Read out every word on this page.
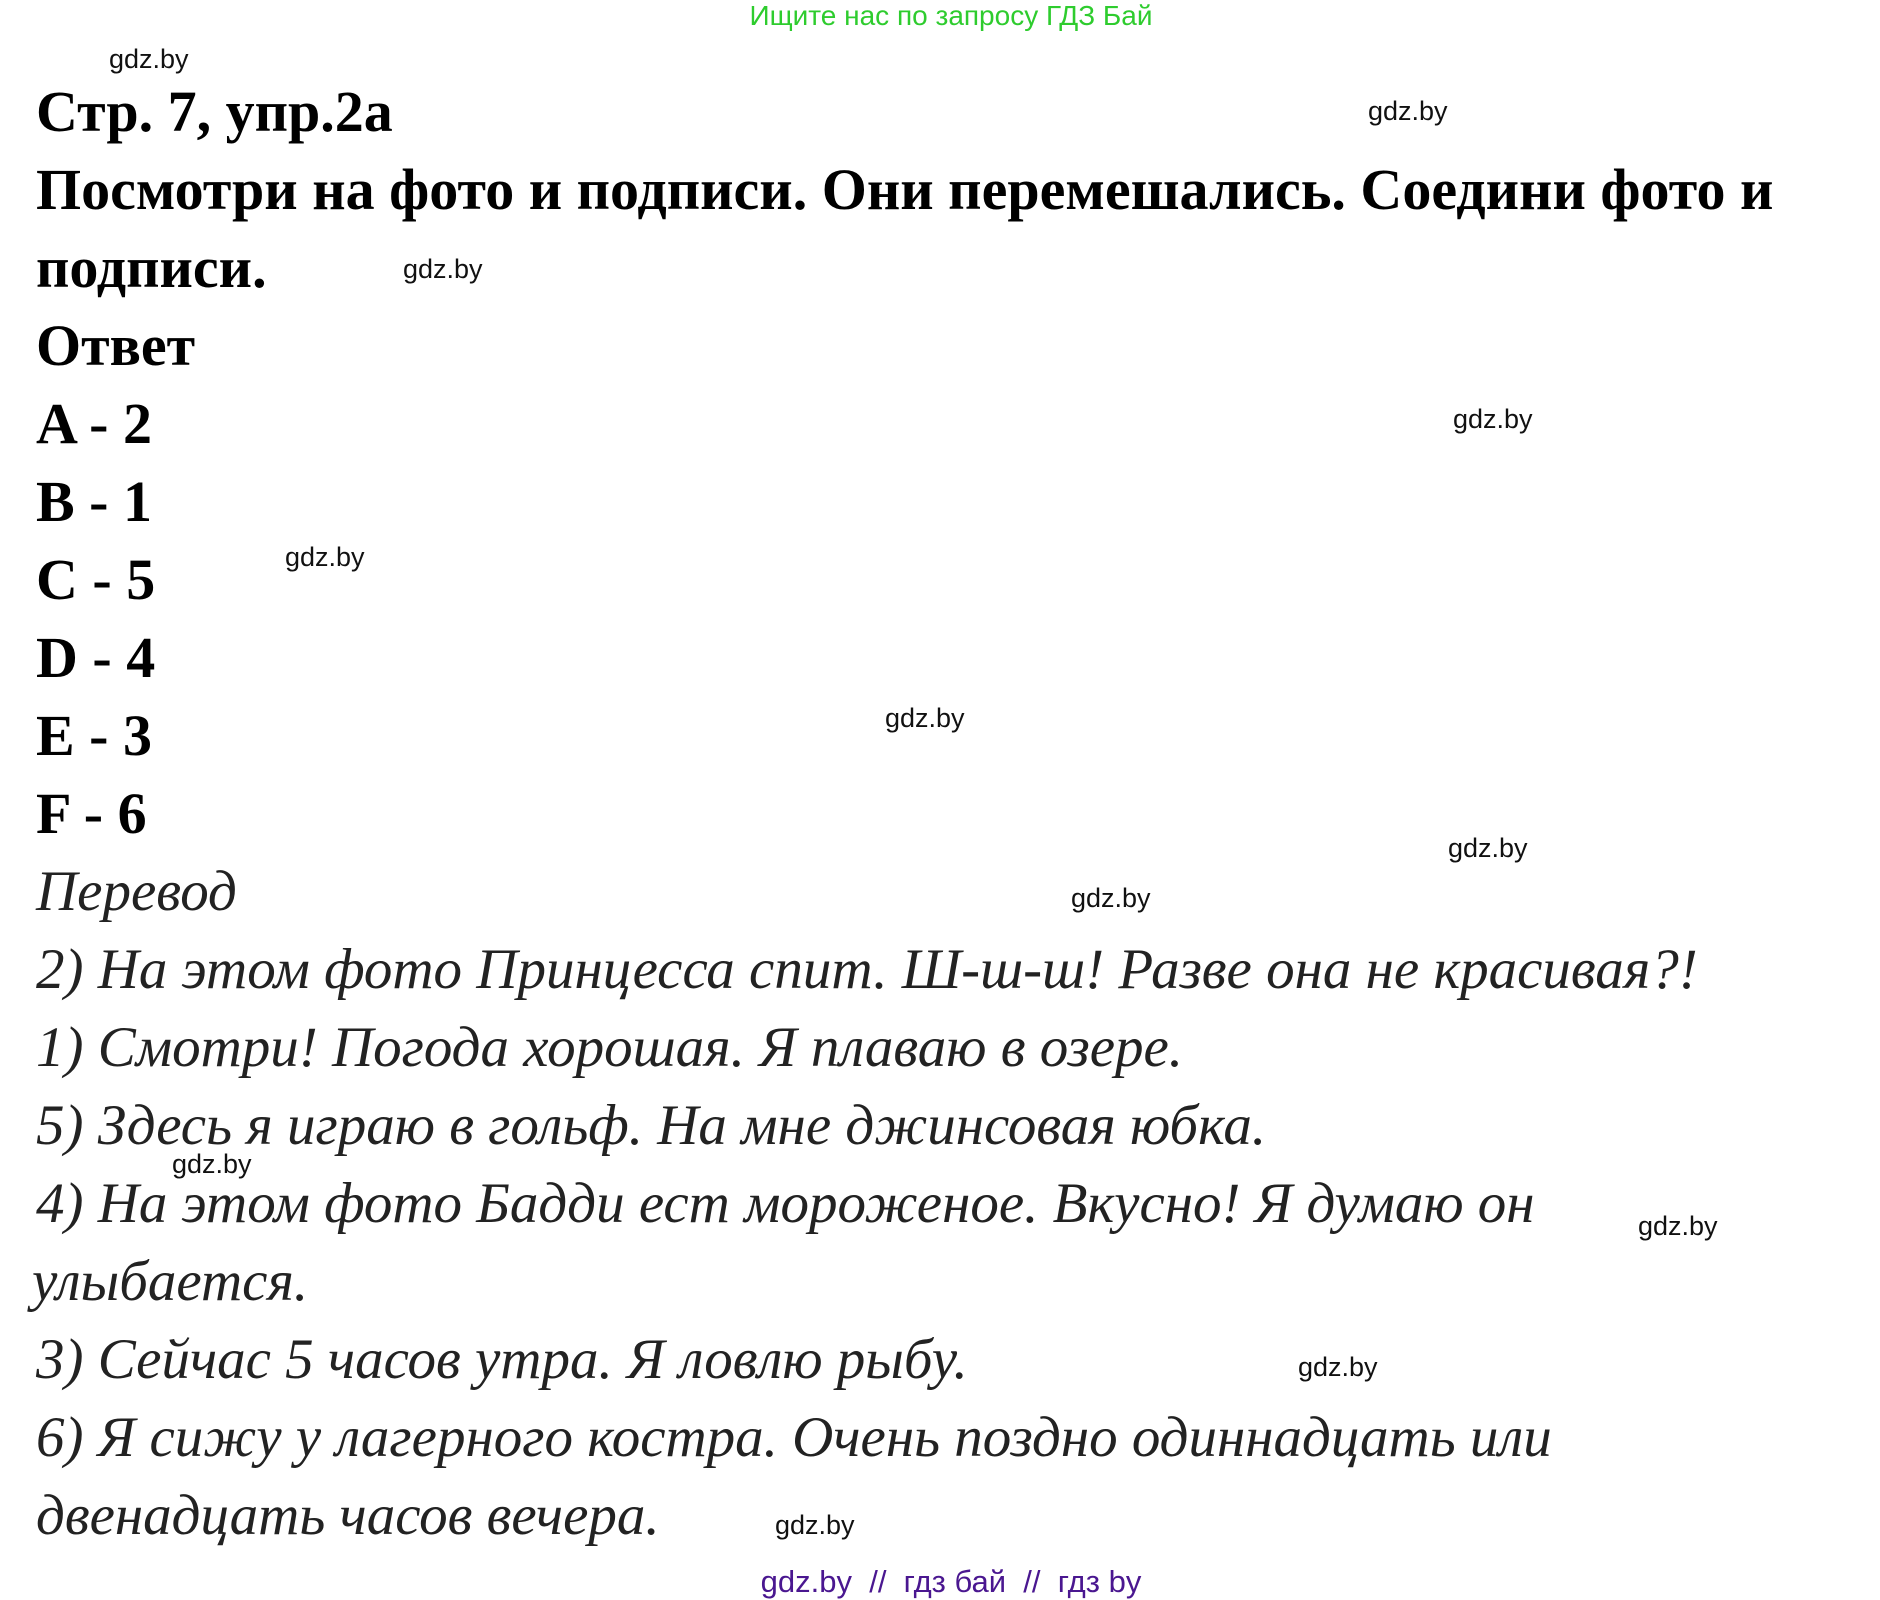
Ищите нас по запросу ГДЗ Бай
Стр. 7, упр.2a
Посмотри на фото и подписи. Они перемешались. Соедини фото и
подписи.
Ответ
A - 2
B - 1
C - 5
D - 4
E - 3
F - 6
Перевод
2) На этом фото Принцесса спит. Ш-ш-ш! Разве она не красивая?!
1) Смотри! Погода хорошая. Я плаваю в озере.
5) Здесь я играю в гольф. На мне джинсовая юбка.
4) На этом фото Бадди ест мороженое. Вкусно! Я думаю он
улыбается.
3) Сейчас 5 часов утра. Я ловлю рыбу.
6) Я сижу у лагерного костра. Очень поздно одиннадцать или
двенадцать часов вечера.
gdz.by
gdz.by
gdz.by
gdz.by
gdz.by
gdz.by
gdz.by
gdz.by
gdz.by
gdz.by
gdz.by
gdz.by
gdz.by  //  гдз бай  //  гдз by
